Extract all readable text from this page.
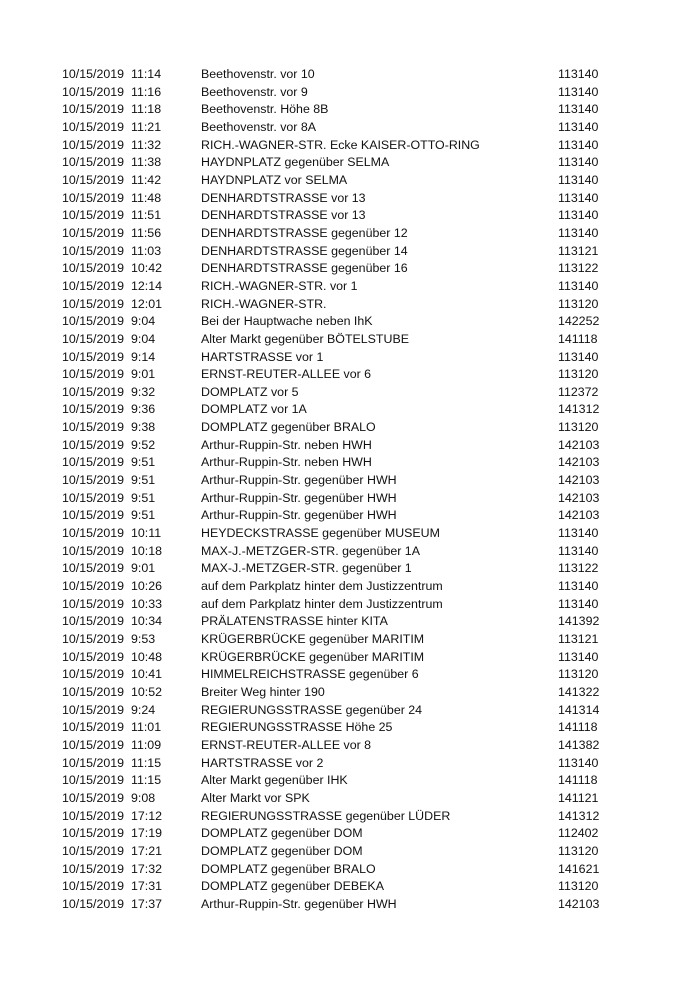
10/15/2019 11:14	Beethovenstr. vor 10	113140
10/15/2019 11:16	Beethovenstr. vor 9	113140
10/15/2019 11:18	Beethovenstr. Höhe 8B	113140
10/15/2019 11:21	Beethovenstr. vor 8A	113140
10/15/2019 11:32	RICH.-WAGNER-STR. Ecke KAISER-OTTO-RING	113140
10/15/2019 11:38	HAYDNPLATZ gegenüber SELMA	113140
10/15/2019 11:42	HAYDNPLATZ vor SELMA	113140
10/15/2019 11:48	DENHARDTSTRASSE vor 13	113140
10/15/2019 11:51	DENHARDTSTRASSE vor 13	113140
10/15/2019 11:56	DENHARDTSTRASSE gegenüber 12	113140
10/15/2019 11:03	DENHARDTSTRASSE gegenüber 14	113121
10/15/2019 10:42	DENHARDTSTRASSE gegenüber 16	113122
10/15/2019 12:14	RICH.-WAGNER-STR. vor 1	113140
10/15/2019 12:01	RICH.-WAGNER-STR.	113120
10/15/2019 9:04	Bei der Hauptwache neben IhK	142252
10/15/2019 9:04	Alter Markt gegenüber BÖTELSTUBE	141118
10/15/2019 9:14	HARTSTRASSE vor 1	113140
10/15/2019 9:01	ERNST-REUTER-ALLEE vor 6	113120
10/15/2019 9:32	DOMPLATZ vor 5	112372
10/15/2019 9:36	DOMPLATZ vor 1A	141312
10/15/2019 9:38	DOMPLATZ gegenüber BRALO	113120
10/15/2019 9:52	Arthur-Ruppin-Str. neben HWH	142103
10/15/2019 9:51	Arthur-Ruppin-Str. neben HWH	142103
10/15/2019 9:51	Arthur-Ruppin-Str. gegenüber HWH	142103
10/15/2019 9:51	Arthur-Ruppin-Str. gegenüber HWH	142103
10/15/2019 9:51	Arthur-Ruppin-Str. gegenüber HWH	142103
10/15/2019 10:11	HEYDECKSTRASSE gegenüber MUSEUM	113140
10/15/2019 10:18	MAX-J.-METZGER-STR. gegenüber 1A	113140
10/15/2019 9:01	MAX-J.-METZGER-STR. gegenüber 1	113122
10/15/2019 10:26	auf dem Parkplatz hinter dem Justizzentrum	113140
10/15/2019 10:33	auf dem Parkplatz hinter dem Justizzentrum	113140
10/15/2019 10:34	PRÄLATENSTRASSE hinter KITA	141392
10/15/2019 9:53	KRÜGERBRÜCKE gegenüber MARITIM	113121
10/15/2019 10:48	KRÜGERBRÜCKE gegenüber MARITIM	113140
10/15/2019 10:41	HIMMELREICHSTRASSE gegenüber 6	113120
10/15/2019 10:52	Breiter Weg hinter 190	141322
10/15/2019 9:24	REGIERUNGSSTRASSE gegenüber 24	141314
10/15/2019 11:01	REGIERUNGSSTRASSE Höhe 25	141118
10/15/2019 11:09	ERNST-REUTER-ALLEE vor 8	141382
10/15/2019 11:15	HARTSTRASSE vor 2	113140
10/15/2019 11:15	Alter Markt gegenüber IHK	141118
10/15/2019 9:08	Alter Markt vor SPK	141121
10/15/2019 17:12	REGIERUNGSSTRASSE gegenüber LÜDER	141312
10/15/2019 17:19	DOMPLATZ gegenüber DOM	112402
10/15/2019 17:21	DOMPLATZ gegenüber DOM	113120
10/15/2019 17:32	DOMPLATZ gegenüber BRALO	141621
10/15/2019 17:31	DOMPLATZ gegenüber DEBEKA	113120
10/15/2019 17:37	Arthur-Ruppin-Str. gegenüber HWH	142103
